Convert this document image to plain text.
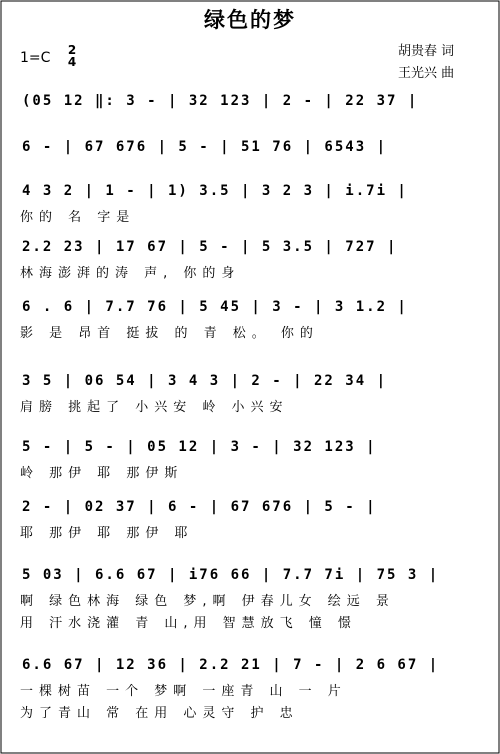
绿色的梦
1=C 2
4
胡贵春 词
王光兴 曲
(05 12 ‖: 3 - | 32 123 | 2 - | 22 37 |
6 - | 67 676 | 5 - | 51 76 | 6543 |
4 3 2 | 1 - | 1) 3.5 | 3 2 3 | i.7i |
你的 名 字是
2.2 23 | 17 67 | 5 - | 5 3.5 | 727 |
林海澎湃的涛 声, 你的身
6 . 6 | 7.7 76 | 5 45 | 3 - | 3 1.2 |
影 是 昂首 挺拔 的 青 松。 你的
3 5 | 06 54 | 3 4 3 | 2 - | 22 34 |
肩膀 挑起了 小兴安 岭 小兴安
5 - | 5 - | 05 12 | 3 - | 32 123 |
岭 那伊 耶 那伊斯
2 - | 02 37 | 6 - | 67 676 | 5 - |
耶 那伊 耶 那伊 耶
5 03 | 6.6 67 | i76 66 | 7.7 7i | 75 3 |
啊 绿色林海 绿色 梦,啊 伊春儿女 绘远 景
用 汗水浇灌 青 山,用 智慧放飞 憧 憬
6.6 67 | 12 36 | 2.2 21 | 7 - | 2 6 67 |
一棵树苗 一个 梦啊 一座青 山 一 片
为了青山 常 在用 心灵守 护 忠
